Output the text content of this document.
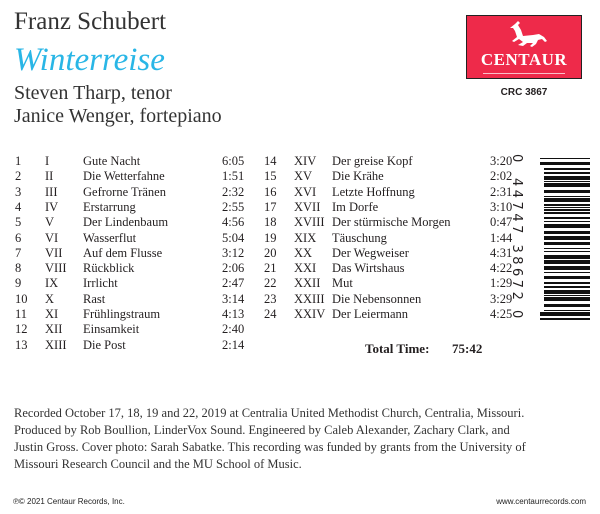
Franz Schubert
Winterreise
Steven Tharp, tenor
Janice Wenger, fortepiano
CENTAUR
CRC 3867
1 I	Gute Nacht	6:05
2 II Die Wetterfahne	1:51
3 III Gefrorne Tränen	2:32
4 IV Erstarrung	2:55
5 V Der Lindenbaum	4:56
6 VI Wasserflut	5:04
7 VII Auf dem Flusse	3:12
8 VIII Rückblick	2:06
9 IX Irrlicht	2:47
10 X Rast	3:14
11 XI Frühlingstraum	4:13
12 XII Einsamkeit	2:40
13 XIII Die Post	2:14
14 XIV Der greise Kopf	3:20
15 XV Die Krähe	2:02
16 XVI Letzte Hoffnung	2:31
17 XVII Im Dorfe	3:10
18 XVIII Der stürmische Morgen	0:47
19 XIX Täuschung	1:44
20 XX Der Wegweiser	4:31
21 XXI Das Wirtshaus	4:22
22 XXII Mut	1:29
23 XXIII Die Nebensonnen	3:29
24 XXIV Der Leiermann	4:25
Total Time: 75:42
0
44747 38672
0
Recorded October 17, 18, 19 and 22, 2019 at Centralia United Methodist Church, Centralia, Missouri. Produced by Rob Boullion, LinderVox Sound. Engineered by Caleb Alexander, Zachary Clark, and Justin Gross. Cover photo: Sarah Sabatke. This recording was funded by grants from the University of Missouri Research Council and the MU School of Music.
℗© 2021 Centaur Records, Inc.	www.centaurrecords.com
